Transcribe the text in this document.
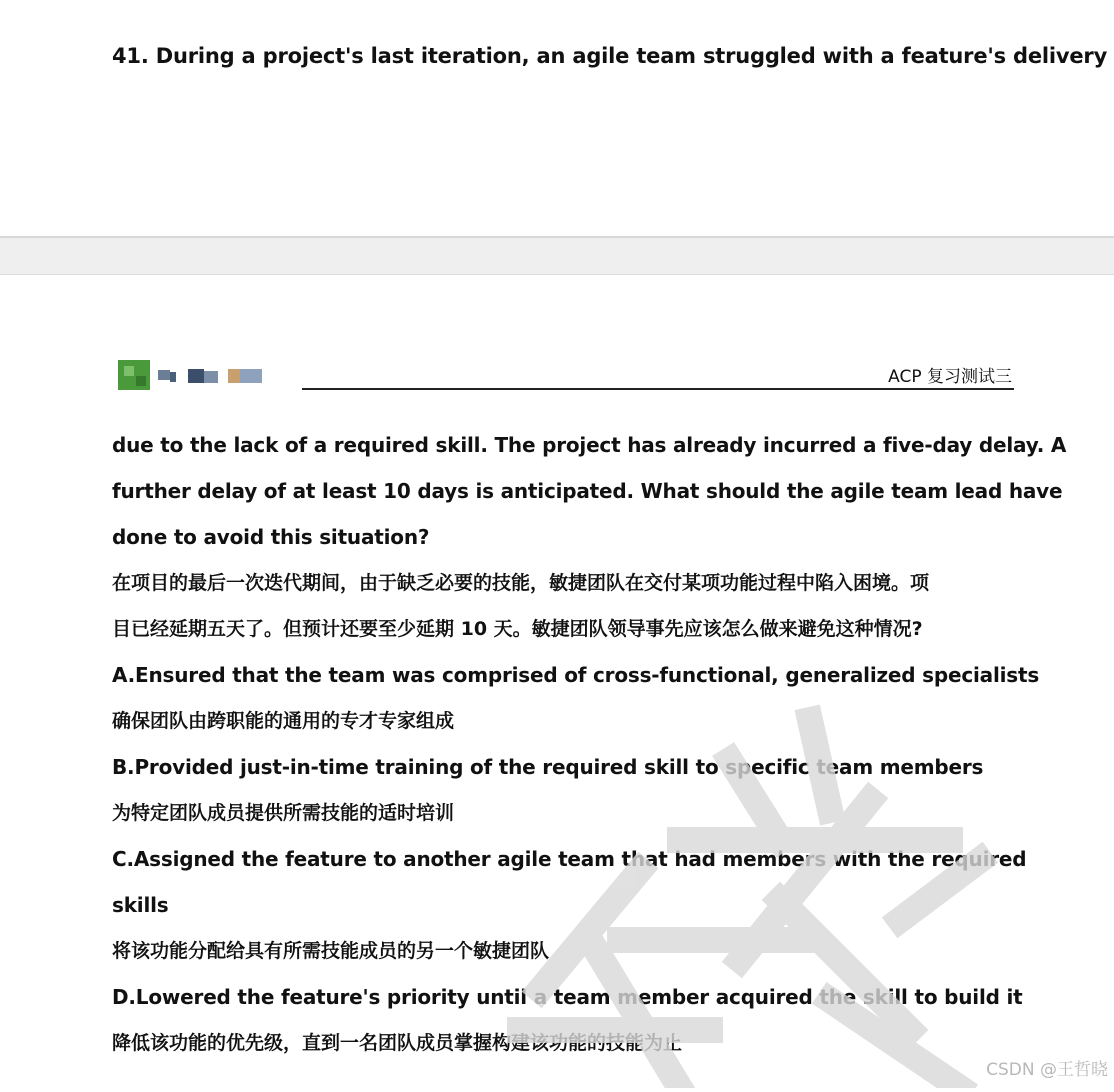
41. During a project's last iteration, an agile team struggled with a feature's delivery
ACP 复习测试三
due to the lack of a required skill. The project has already incurred a five-day delay. A
further delay of at least 10 days is anticipated. What should the agile team lead have
done to avoid this situation?
在项目的最后一次迭代期间，由于缺乏必要的技能，敏捷团队在交付某项功能过程中陷入困境。项
目已经延期五天了。但预计还要至少延期 10 天。敏捷团队领导事先应该怎么做来避免这种情况?
A.Ensured that the team was comprised of cross-functional, generalized specialists
确保团队由跨职能的通用的专才专家组成
B.Provided just-in-time training of the required skill to specific team members
为特定团队成员提供所需技能的适时培训
C.Assigned the feature to another agile team that had members with the required
skills
将该功能分配给具有所需技能成员的另一个敏捷团队
D.Lowered the feature's priority until a team member acquired the skill to build it
降低该功能的优先级，直到一名团队成员掌握构建该功能的技能为止
CSDN @王哲晓
